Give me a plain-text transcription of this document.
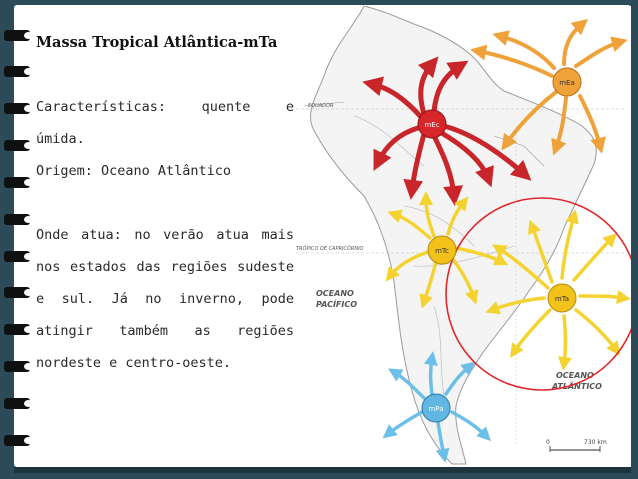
Massa Tropical Atlântica-mTa

Características: quente e úmida.

Origem: Oceano Atlântico

Onde atua: no verão atua mais nos estados das regiões sudeste e sul. Já no inverno, pode atingir também as regiões nordeste e centro-oeste.

EQUADOR
TRÓPICO DE CAPRICÓRNIO
OCEANO PACÍFICO
OCEANO ATLÂNTICO
mEc
mEa
mTc
mTa
mPa
0	730 km
